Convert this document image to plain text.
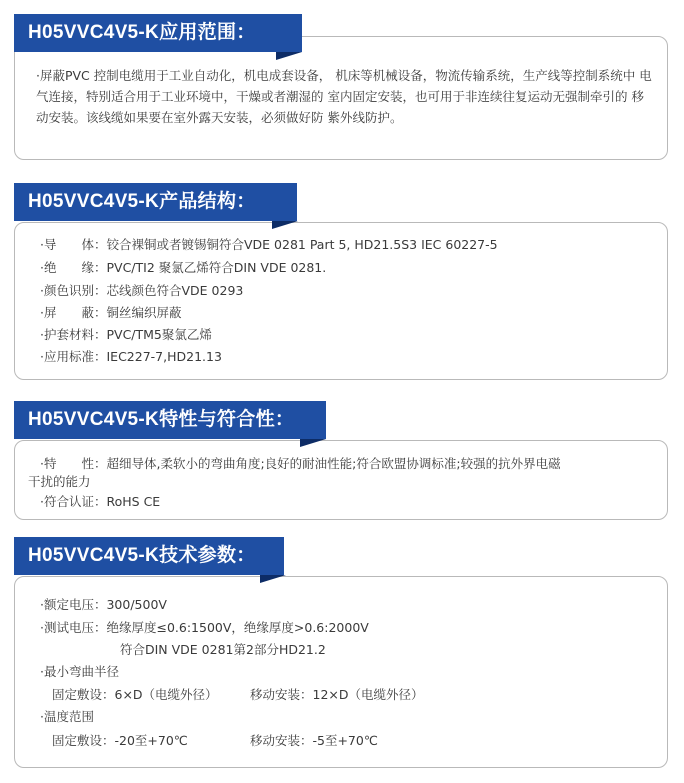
H05VVC4V5-K应用范围：
·屏蔽PVC 控制电缆用于工业自动化，机电成套设备， 机床等机械设备，物流传输系统，生产线等控制系统中 电气连接，特别适合用于工业环境中，干燥或者潮湿的 室内固定安装，也可用于非连续往复运动无强制牵引的 移动安装。该线缆如果要在室外露天安装，必须做好防 紫外线防护。
H05VVC4V5-K产品结构：
·导　　体：铰合裸铜或者镀锡铜符合VDE 0281 Part 5, HD21.5S3 IEC 60227-5
·绝　　缘：PVC/TI2 聚氯乙烯符合DIN VDE 0281.
·颜色识别：芯线颜色符合VDE 0293
·屏　　蔽：铜丝编织屏蔽
·护套材料：PVC/TM5聚氯乙烯
·应用标准：IEC227-7,HD21.13
H05VVC4V5-K特性与符合性：
·特　　性：超细导体,柔软小的弯曲角度;良好的耐油性能;符合欧盟协调标准;较强的抗外界电磁
干扰的能力
·符合认证：RoHS CE
H05VVC4V5-K技术参数：
·额定电压：300/500V
·测试电压：绝缘厚度≤0.6:1500V，绝缘厚度>0.6:2000V
符合DIN VDE 0281第2部分HD21.2
·最小弯曲半径
固定敷设：6×D（电缆外径）	移动安装：12×D（电缆外径）
·温度范围
固定敷设：-20至+70℃	移动安装：-5至+70℃
